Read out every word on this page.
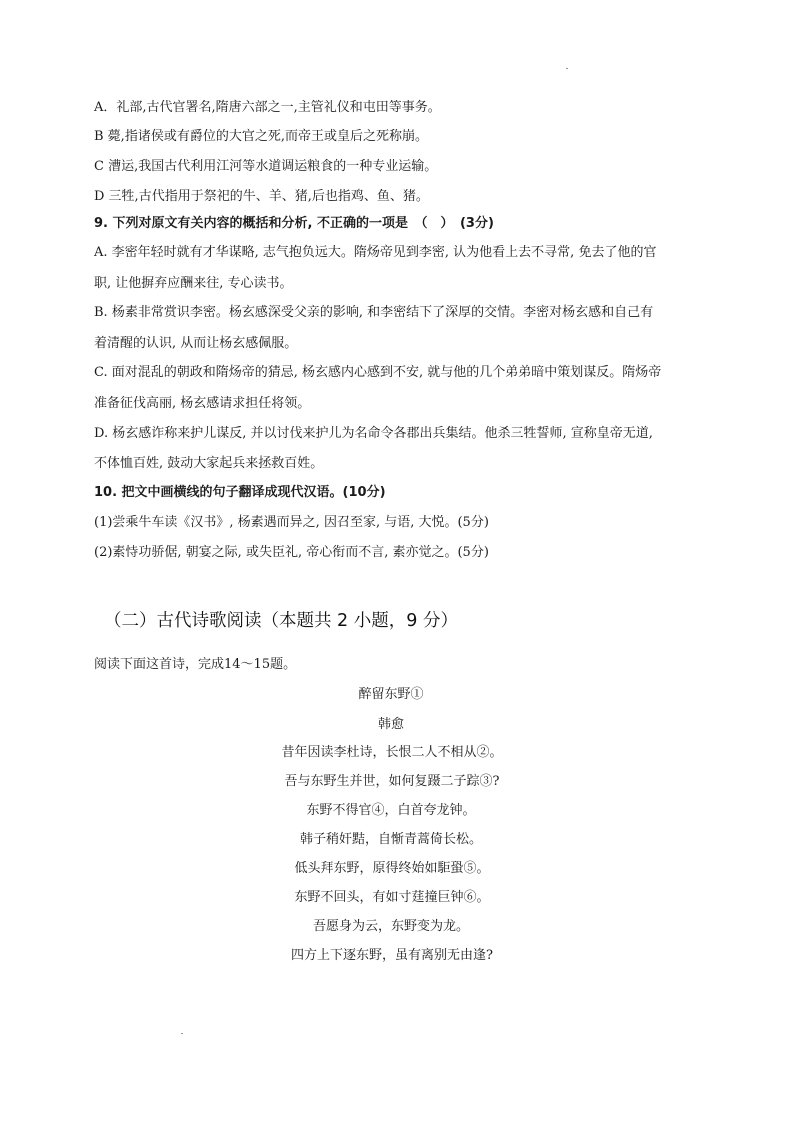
A．礼部,古代官署名,隋唐六部之一,主管礼仪和屯田等事务。
B 薨,指诸侯或有爵位的大官之死,而帝王或皇后之死称崩。
C 漕运,我国古代利用江河等水道调运粮食的一种专业运输。
D 三牲,古代指用于祭祀的牛、羊、猪,后也指鸡、鱼、猪。
9. 下列对原文有关内容的概括和分析, 不正确的一项是　（　）　(3分)
A. 李密年轻时就有才华谋略, 志气抱负远大。隋炀帝见到李密, 认为他看上去不寻常, 免去了他的官
职, 让他摒弃应酬来往, 专心读书。
B. 杨素非常赏识李密。杨玄感深受父亲的影响, 和李密结下了深厚的交情。李密对杨玄感和自己有
着清醒的认识, 从而让杨玄感佩服。
C. 面对混乱的朝政和隋炀帝的猜忌, 杨玄感内心感到不安, 就与他的几个弟弟暗中策划谋反。隋炀帝
准备征伐高丽, 杨玄感请求担任将领。
D. 杨玄感诈称来护儿谋反, 并以讨伐来护儿为名命令各郡出兵集结。他杀三牲誓师, 宣称皇帝无道,
不体恤百姓, 鼓动大家起兵来拯救百姓。
10. 把文中画横线的句子翻译成现代汉语。(10分)
(1)尝乘牛车读《汉书》, 杨素遇而异之, 因召至家, 与语, 大悦。(5分)
(2)素恃功骄倨, 朝宴之际, 或失臣礼, 帝心衔而不言, 素亦觉之。(5分)
（二）古代诗歌阅读（本题共 2 小题，9 分）
阅读下面这首诗，完成14～15题。
醉留东野①
韩愈
昔年因读李杜诗，长恨二人不相从②。
吾与东野生并世，如何复蹑二子踪③?
东野不得官④，白首夸龙钟。
韩子稍奸黠，自惭青蒿倚长松。
低头拜东野，原得终始如駏蛩⑤。
东野不回头，有如寸莛撞巨钟⑥。
吾愿身为云，东野变为龙。
四方上下逐东野，虽有离别无由逢?
